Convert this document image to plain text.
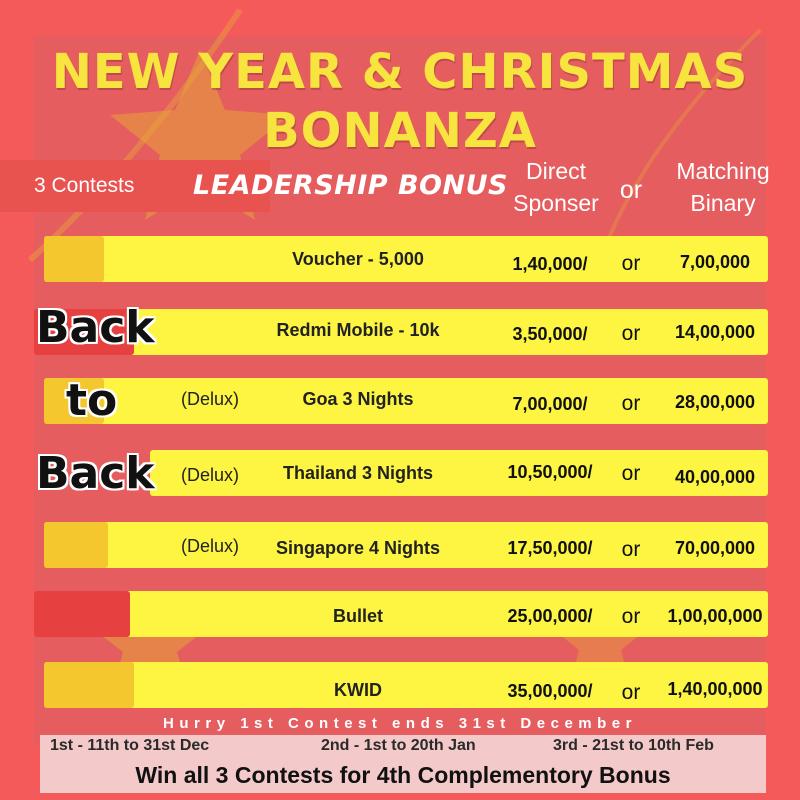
NEW YEAR & CHRISTMAS
BONANZA
3 Contests LEADERSHIP BONUS Direct Sponser or
Matching Binary
Voucher - 5,000	1,40,000/	or	7,00,000
Redmi Mobile - 10k	3,50,000/	or	14,00,000
(Delux)	Goa 3 Nights	7,00,000/	or	28,00,000
(Delux)	Thailand 3 Nights	10,50,000/	or	40,00,000
(Delux)	Singapore 4 Nights	17,50,000/	or	70,00,000
Bullet	25,00,000/	or	1,00,00,000
KWID	35,00,000/	or	1,40,00,000
Back
to
Back
Hurry 1st Contest ends 31st December
1st - 11th to 31st Dec	2nd - 1st to 20th Jan	3rd - 21st to 10th Feb
Win all 3 Contests for 4th Complementory Bonus
